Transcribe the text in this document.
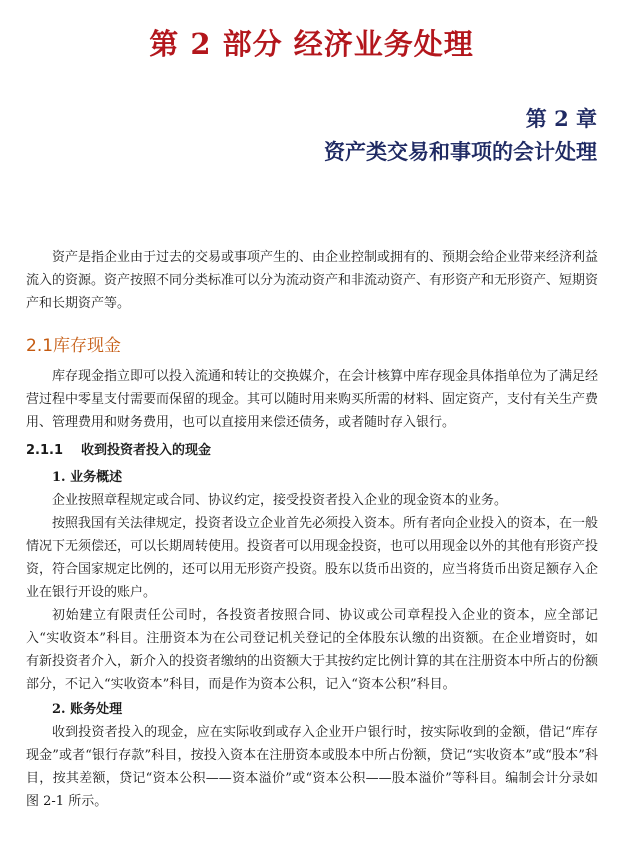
第 2 部分 经济业务处理
第 2 章
资产类交易和事项的会计处理

资产是指企业由于过去的交易或事项产生的、由企业控制或拥有的、预期会给企业带来经济利益流入的资源。资产按照不同分类标准可以分为流动资产和非流动资产、有形资产和无形资产、短期资产和长期资产等。

2.1库存现金

库存现金指立即可以投入流通和转让的交换媒介，在会计核算中库存现金具体指单位为了满足经营过程中零星支付需要而保留的现金。其可以随时用来购买所需的材料、固定资产，支付有关生产费用、管理费用和财务费用，也可以直接用来偿还债务，或者随时存入银行。

2.1.1 收到投资者投入的现金
1. 业务概述

企业按照章程规定或合同、协议约定，接受投资者投入企业的现金资本的业务。

按照我国有关法律规定，投资者设立企业首先必须投入资本。所有者向企业投入的资本，在一般情况下无须偿还，可以长期周转使用。投资者可以用现金投资，也可以用现金以外的其他有形资产投资，符合国家规定比例的，还可以用无形资产投资。股东以货币出资的，应当将货币出资足额存入企业在银行开设的账户。

初始建立有限责任公司时，各投资者按照合同、协议或公司章程投入企业的资本，应全部记入“实收资本”科目。注册资本为在公司登记机关登记的全体股东认缴的出资额。在企业增资时，如有新投资者介入，新介入的投资者缴纳的出资额大于其按约定比例计算的其在注册资本中所占的份额部分，不记入“实收资本”科目，而是作为资本公积，记入“资本公积”科目。

2. 账务处理

收到投资者投入的现金，应在实际收到或存入企业开户银行时，按实际收到的金额，借记“库存现金”或者“银行存款”科目，按投入资本在注册资本或股本中所占份额，贷记“实收资本”或“股本”科目，按其差额，贷记“资本公积——资本溢价”或“资本公积——股本溢价”等科目。编制会计分录如图 2-1 所示。
